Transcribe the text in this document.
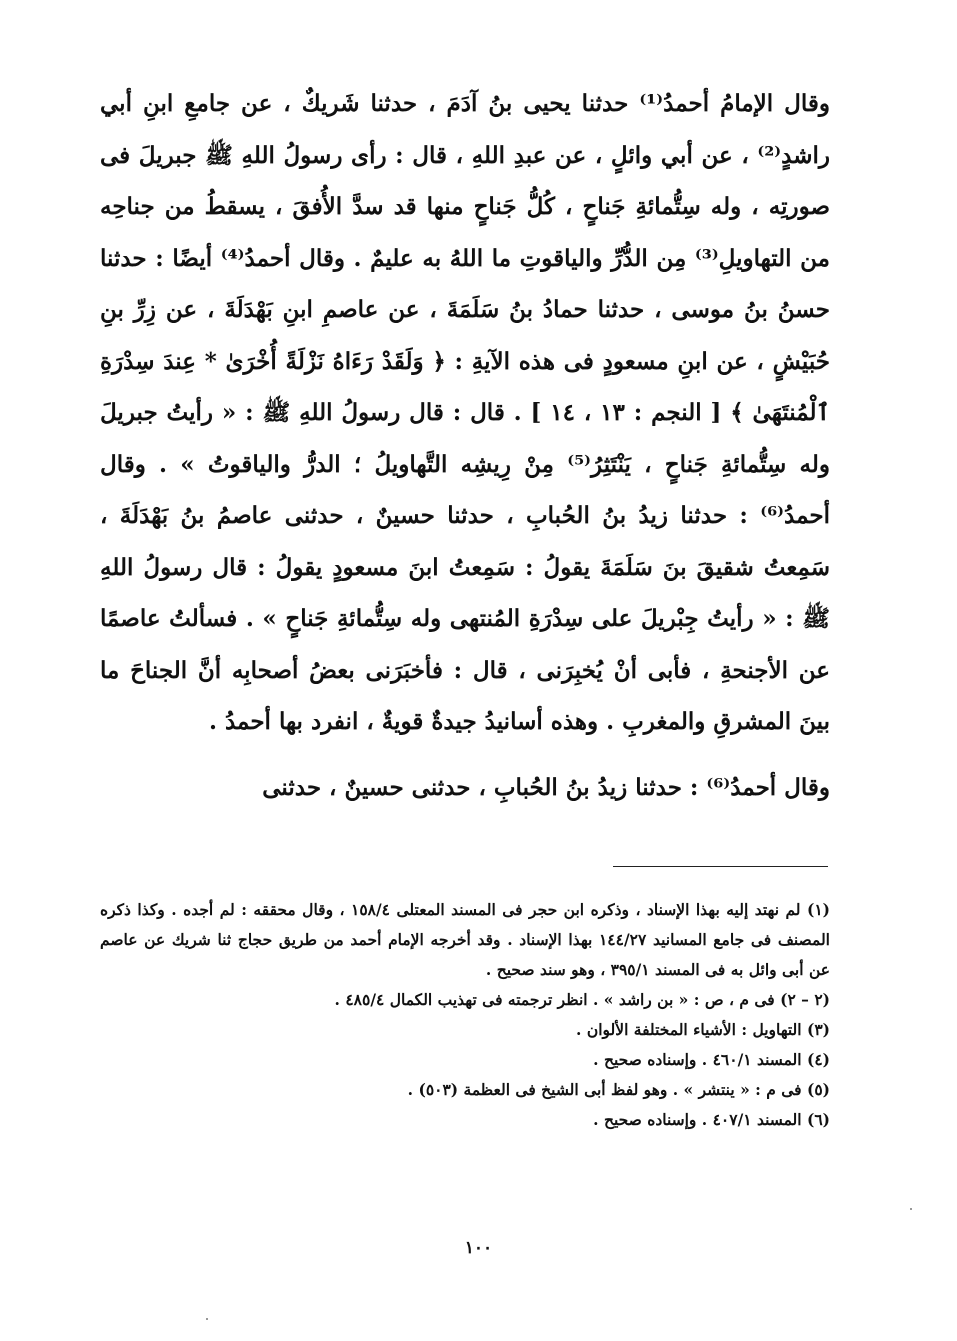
وقال الإمامُ أحمدُ⁽¹⁾ حدثنا يحيى بنُ آدَمَ ، حدثنا شَريكٌ ، عن جامعِ ابنِ أبي راشدٍ⁽²⁾ ، عن أبي وائلٍ ، عن عبدِ اللهِ ، قال : رأى رسولُ اللهِ ﷺ جبريلَ فى صورتِه ، وله سِتُّمائةِ جَناحٍ ، كُلُّ جَناحٍ منها قد سدَّ الأُفقَ ، يسقطُ من جناحِه من التهاويلِ⁽³⁾ مِن الدُّرِّ والياقوتِ ما اللهُ به عليمٌ . وقال أحمدُ⁽⁴⁾ أيضًا : حدثنا حسنُ بنُ موسى ، حدثنا حمادُ بنُ سَلَمَةَ ، عن عاصمِ ابنِ بَهْدَلَةَ ، عن زِرِّ بنِ حُبَيْشٍ ، عن ابنِ مسعودٍ فى هذه الآيةِ : ﴿ وَلَقَدْ رَءَاهُ نَزْلَةً أُخْرَىٰ * عِندَ سِدْرَةِ ٱلْمُنتَهَىٰ ﴾ [ النجم : ١٣ ، ١٤ ] . قال : قال رسولُ اللهِ ﷺ : « رأيتُ جبريلَ وله سِتُّمائةِ جَناحٍ ، يَنْتَثِرُ⁽⁵⁾ مِنْ رِيشِه التَّهاويلُ ؛ الدرُّ والياقوتُ » . وقال أحمدُ⁽⁶⁾ : حدثنا زيدُ بنُ الحُبابِ ، حدثنا حسينٌ ، حدثنى عاصمُ بنُ بَهْدَلَةَ ، سَمِعتُ شقيقَ بنَ سَلَمَةَ يقولُ : سَمِعتُ ابنَ مسعودٍ يقولُ : قال رسولُ اللهِ ﷺ : « رأيتُ جِبْريلَ على سِدْرَةِ المُنتهى وله سِتُّمائةِ جَناحٍ » . فسألتُ عاصمًا عن الأجنحةِ ، فأبى أنْ يُخبِرَنى ، قال : فأخبَرَنى بعضُ أصحابِه أنَّ الجناحَ ما بينَ المشرقِ والمغربِ . وهذه أسانيدُ جيدةٌ قويةٌ ، انفرد بها أحمدُ .

وقال أحمدُ⁽⁶⁾ : حدثنا زيدُ بنُ الحُبابِ ، حدثنى حسينٌ ، حدثنى

(١) لم نهتد إليه بهذا الإسناد ، وذكره ابن حجر فى المسند المعتلى ١٥٨/٤ ، وقال محققه : لم أجده . وكذا ذكره المصنف فى جامع المسانيد ١٤٤/٢٧ بهذا الإسناد . وقد أخرجه الإمام أحمد من طريق حجاج ثنا شريك عن عاصم عن أبى وائل به فى المسند ٣٩٥/١ ، وهو سند صحيح .
(٢ – ٢) فى م ، ص : « بن راشد » . انظر ترجمته فى تهذيب الكمال ٤٨٥/٤ .
(٣) التهاويل : الأشياء المختلفة الألوان .
(٤) المسند ٤٦٠/١ . وإسناده صحيح .
(٥) فى م : « ينتشر » . وهو لفظ أبى الشيخ فى العظمة (٥٠٣) .
(٦) المسند ٤٠٧/١ . وإسناده صحيح .
١٠٠
